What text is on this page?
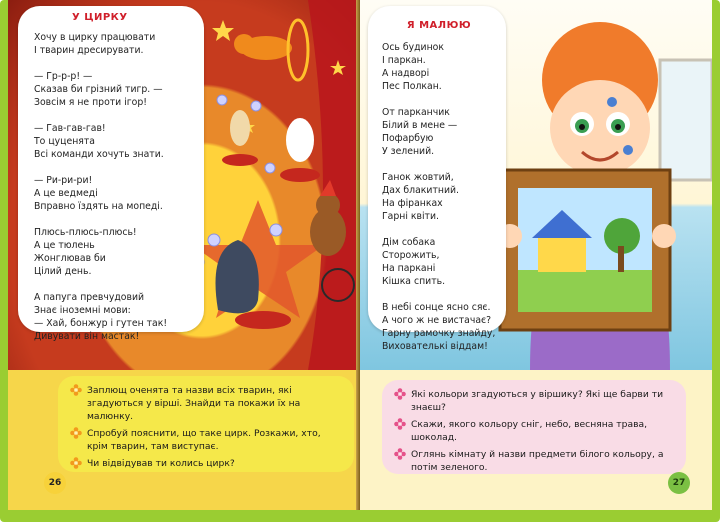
У ЦИРКУ
Хочу в цирку працювати
І тварин дресирувати.

— Гр-р-р! —
Сказав би грізний тигр. —
Зовсім я не проти ігор!

— Гав-гав-гав!
То цуценята
Всі команди хочуть знати.

— Ри-ри-ри!
А це ведмеді
Вправно їздять на мопеді.

Плюсь-плюсь-плюсь!
А це тюлень
Жонглював би
Цілий день.

А папуга превчудовий
Знає іноземні мови:
— Хай, бонжур і гутен так!
Дивувати він мастак!
Заплющ оченята та назви всіх тварин, які згадуються у вірші. Знайди та покажи їх на малюнку.
Спробуй пояснити, що таке цирк. Розкажи, хто, крім тварин, там виступає.
Чи відвідував ти колись цирк?
26
Я МАЛЮЮ
Ось будинок
І паркан.
А надворі
Пес Полкан.

От парканчик
Білий в мене —
Пофарбую
У зелений.

Ганок жовтий,
Дах блакитний.
На фіранках
Гарні квіти.

Дім собака
Сторожить,
На паркані
Кішка спить.

В небі сонце ясно сяє.
А чого ж не вистачає?
Гарну рамочку знайду,
Вихователькі віддам!
Які кольори згадуються у віршику? Які ще барви ти знаєш?
Скажи, якого кольору сніг, небо, весняна трава, шоколад.
Оглянь кімнату й назви предмети білого кольору, а потім зеленого.
27
